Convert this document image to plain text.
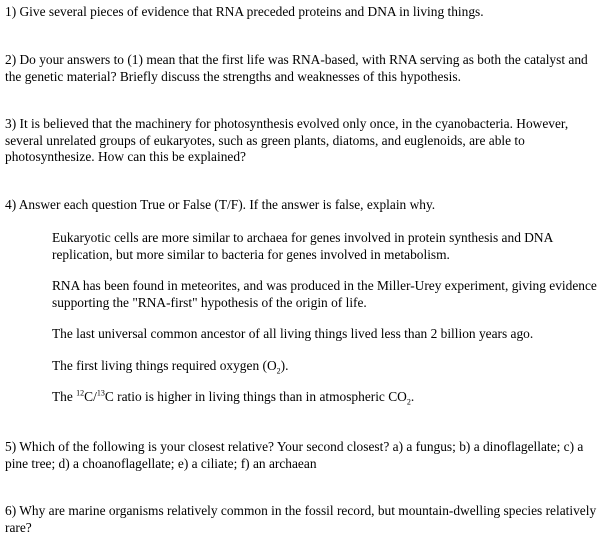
1) Give several pieces of evidence that RNA preceded proteins and DNA in living things.
2) Do your answers to (1) mean that the first life was RNA-based, with RNA serving as both the catalyst and the genetic material? Briefly discuss the strengths and weaknesses of this hypothesis.
3) It is believed that the machinery for photosynthesis evolved only once, in the cyanobacteria. However, several unrelated groups of eukaryotes, such as green plants, diatoms, and euglenoids, are able to photosynthesize. How can this be explained?
4) Answer each question True or False (T/F). If the answer is false, explain why.
Eukaryotic cells are more similar to archaea for genes involved in protein synthesis and DNA replication, but more similar to bacteria for genes involved in metabolism.
RNA has been found in meteorites, and was produced in the Miller-Urey experiment, giving evidence supporting the "RNA-first" hypothesis of the origin of life.
The last universal common ancestor of all living things lived less than 2 billion years ago.
The first living things required oxygen $(O_2)$.
The $^{12}$C/$^{13}$C ratio is higher in living things than in atmospheric $CO_2$.
5) Which of the following is your closest relative? Your second closest? a) a fungus; b) a dinoflagellate; c) a pine tree; d) a choanoflagellate; e) a ciliate; f) an archaean
6) Why are marine organisms relatively common in the fossil record, but mountain-dwelling species relatively rare?
